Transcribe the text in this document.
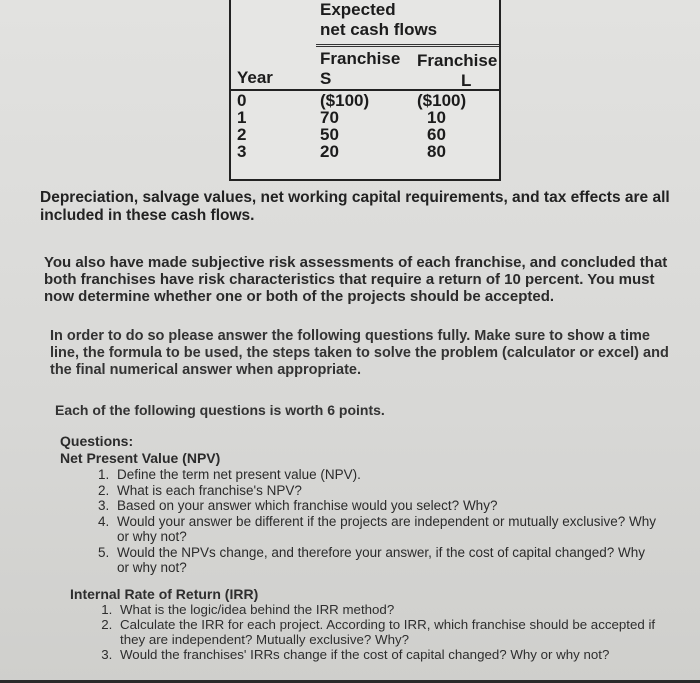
Expected
net cash flows
Franchise
S
Franchise
L
Year
0
1
2
3
($100)
70
50
20
($100)
10
60
80
Depreciation, salvage values, net working capital requirements, and tax effects are all included in these cash flows.
You also have made subjective risk assessments of each franchise, and concluded that both franchises have risk characteristics that require a return of 10 percent. You must now determine whether one or both of the projects should be accepted.
In order to do so please answer the following questions fully. Make sure to show a time line, the formula to be used, the steps taken to solve the problem (calculator or excel) and the final numerical answer when appropriate.
Each of the following questions is worth 6 points.
Questions:
Net Present Value (NPV)
1. Define the term net present value (NPV).
2. What is each franchise's NPV?
3. Based on your answer which franchise would you select? Why?
4. Would your answer be different if the projects are independent or mutually exclusive? Why or why not?
5. Would the NPVs change, and therefore your answer, if the cost of capital changed? Why or why not?
Internal Rate of Return (IRR)
1. What is the logic/idea behind the IRR method?
2. Calculate the IRR for each project. According to IRR, which franchise should be accepted if they are independent? Mutually exclusive? Why?
3. Would the franchises' IRRs change if the cost of capital changed? Why or why not?
